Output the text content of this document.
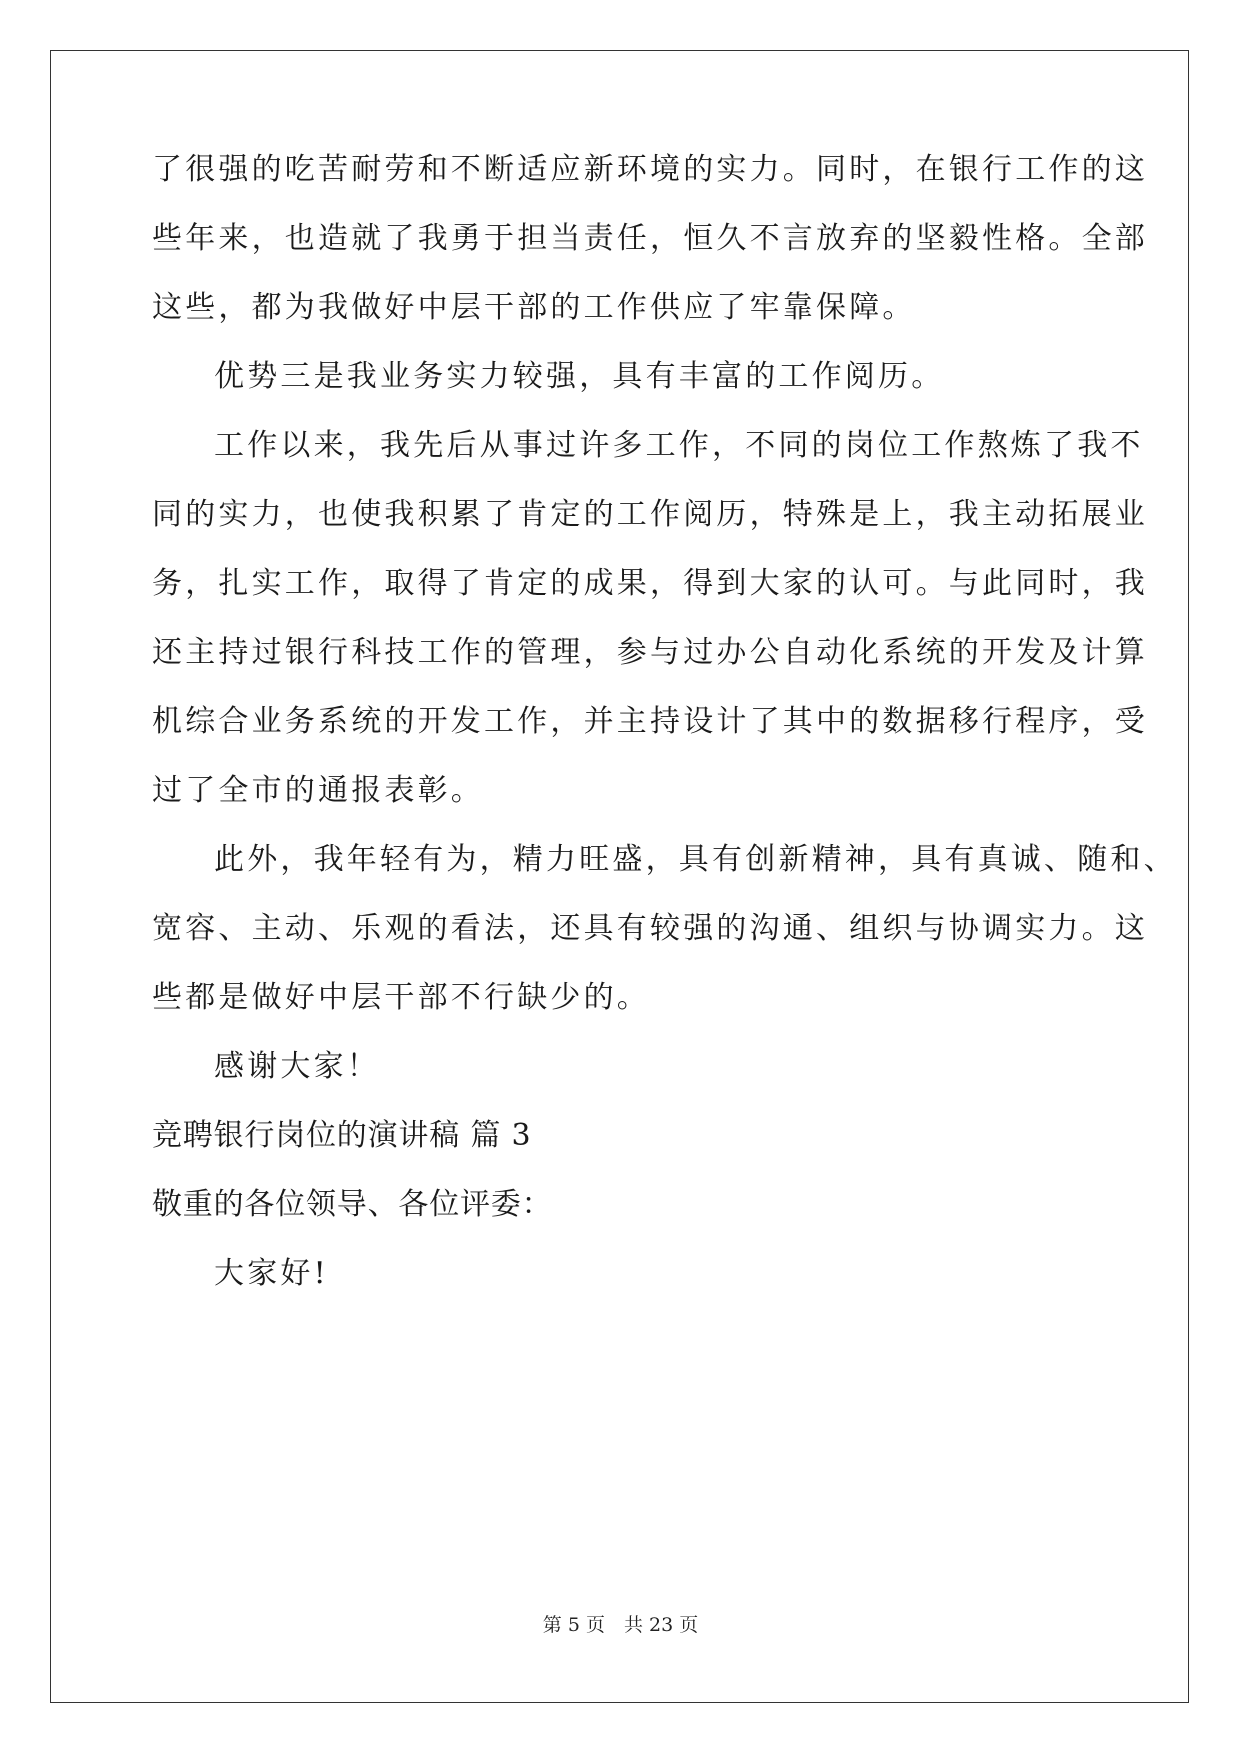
了很强的吃苦耐劳和不断适应新环境的实力。同时，在银行工作的这
些年来，也造就了我勇于担当责任，恒久不言放弃的坚毅性格。全部
这些，都为我做好中层干部的工作供应了牢靠保障。
优势三是我业务实力较强，具有丰富的工作阅历。
工作以来，我先后从事过许多工作，不同的岗位工作熬炼了我不
同的实力，也使我积累了肯定的工作阅历，特殊是上，我主动拓展业
务，扎实工作，取得了肯定的成果，得到大家的认可。与此同时，我
还主持过银行科技工作的管理，参与过办公自动化系统的开发及计算
机综合业务系统的开发工作，并主持设计了其中的数据移行程序，受
过了全市的通报表彰。
此外，我年轻有为，精力旺盛，具有创新精神，具有真诚、随和、
宽容、主动、乐观的看法，还具有较强的沟通、组织与协调实力。这
些都是做好中层干部不行缺少的。
感谢大家！
竞聘银行岗位的演讲稿 篇 3
敬重的各位领导、各位评委：
大家好!
第 5 页　共 23 页
